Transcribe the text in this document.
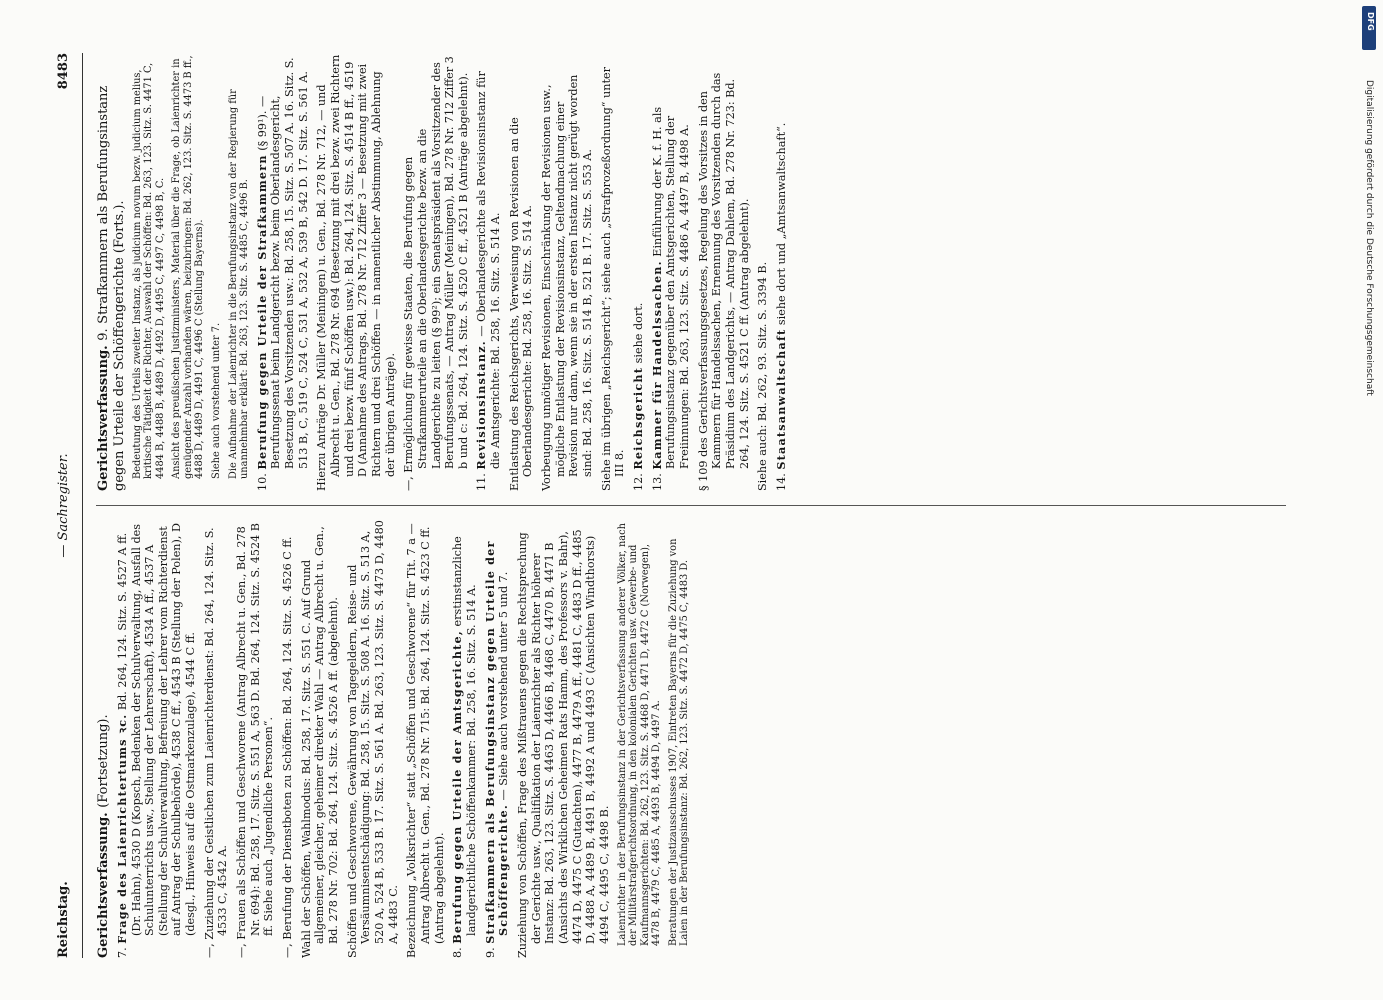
Reichstag.
— Sachregister.
8483
Gerichtsverfassung. (Fortsetzung).
7. Frage des Laienrichtertums ꝛc. Bd. 264, 124. Sitz. S. 4527 A ff. (Dr. Hahn), 4530 D (Kopsch, Bedenken der Schulverwaltung, Ausfall des Schulunterrichts usw., Stellung der Lehrerschaft), 4534 A ff., 4537 A (Stellung der Schulverwaltung, Befreiung der Lehrer vom Richterdienst auf Antrag der Schulbehörde), 4538 C ff., 4543 B (Stellung der Polen), D (desgl., Hinweis auf die Ostmarkenzulage), 4544 C ff.
—, Zuziehung der Geistlichen zum Laienrichterdienst: Bd. 264, 124. Sitz. S. 4533 C, 4542 A.
—, Frauen als Schöffen und Geschworene (Antrag Albrecht u. Gen., Bd. 278 Nr. 694): Bd. 258, 17. Sitz. S. 551 A, 563 D. Bd. 264, 124. Sitz. S. 4524 B ff. Siehe auch „Jugendliche Personen“.
—, Berufung der Dienstboten zu Schöffen: Bd. 264, 124. Sitz. S. 4526 C ff. Wahl der Schöffen, Wahlmodus: Bd. 258, 17. Sitz. S. 551 C. Auf Grund allgemeiner, gleicher, geheimer direkter Wahl — Antrag Albrecht u. Gen., Bd. 278 Nr. 702: Bd. 264, 124. Sitz. S. 4526 A ff. (abgelehnt). Schöffen und Geschworene, Gewährung von Tagegeldern, Reise- und Versäumnisentschädigung: Bd. 258, 15. Sitz. S. 508 A. 16. Sitz. S. 513 A, 520 A, 524 B, 533 B. 17. Sitz. S. 561 A. Bd. 263, 123. Sitz. S. 4473 D, 4480 A, 4483 C. Bezeichnung „Volksrichter“ statt „Schöffen und Geschworene“ für Tit. 7 a — Antrag Albrecht u. Gen., Bd. 278 Nr. 715: Bd. 264, 124. Sitz. S. 4523 C ff. (Antrag abgelehnt).
8. Berufung gegen Urteile der Amtsgerichte, erstinstanzliche landgerichtliche Schöffenkammer: Bd. 258, 16. Sitz. S. 514 A.
9. Strafkammern als Berufungsinstanz gegen Urteile der Schöffengerichte. — Siehe auch vorstehend unter 5 und 7. Zuziehung von Schöffen, Frage des Mißtrauens gegen die Rechtsprechung der Gerichte usw., Qualifikation der Laienrichter als Richter höherer Instanz: Bd. 263, 123. Sitz. S. 4463 D, 4466 B, 4468 C, 4470 B, 4471 B (Ansichts des Wirklichen Geheimen Rats Hamm, des Professors v. Bahr), 4474 D, 4475 C (Gutachten), 4477 B, 4479 A ff., 4481 C, 4483 D ff., 4485 D, 4488 A, 4489 B, 4491 B, 4492 A und 4493 C (Ansichten Windthorsts) 4494 C, 4495 C, 4498 B. Laienrichter in der Berufungsinstanz in der Gerichtsverfassung anderer Völker, nach der Militärstrafgerichtsordnung, in den kolonialen Gerichten usw. Gewerbe- und Kaufmannsgerichten: Bd. 262, 123. Sitz. S. 4468 D, 4471 D, 4472 C (Norwegen), 4478 B, 4479 C, 4485 A, 4493 B, 4494 D, 4497 A. Beratungen der Justizausschusses 1907, Eintreten Bayerns für die Zuziehung von Laien in der Berufungsinstanz: Bd. 262, 123. Sitz. S. 4472 D, 4475 C, 4483 D.
Gerichtsverfassung. 9. Strafkammern als Berufungsinstanz gegen Urteile der Schöffengerichte (Forts.). Bedeutung des Urteils zweiter Instanz, als judicium novum bezw. judicium melius, kritische Tätigkeit der Richter, Auswahl der Schöffen: Bd. 263, 123. Sitz. S. 4471 C, 4484 B, 4488 B, 4489 D, 4492 D, 4495 C, 4497 C, 4498 B, C. Ansicht des preußischen Justizministers, Material über die Frage, ob Laienrichter in genügender Anzahl vorhanden wären, beizubringen: Bd. 262, 123. Sitz. S. 4473 B ff., 4488 D, 4489 D, 4491 C, 4496 C (Stellung Bayerns). Siehe auch vorstehend unter 7. Die Aufnahme der Laienrichter in die Berufungsinstanz von der Regierung für unannehmbar erklärt: Bd. 263, 123. Sitz. S. 4485 C, 4496 B.
10. Berufung gegen Urteile der Strafkammern (§ 99¹). — Berufungssenat beim Landgericht bezw. beim Oberlandesgericht, Besetzung des Vorsitzenden usw.: Bd. 258, 15. Sitz. S. 507 A. 16. Sitz. S. 513 B, C, 519 C, 524 C, 531 A, 532 A, 539 B, 542 D. 17. Sitz. S. 561 A. Hierzu Anträge Dr. Müller (Meiningen) u. Gen., Bd. 278 Nr. 712, — und Albrecht u. Gen., Bd. 278 Nr. 694 (Besetzung mit drei bezw. zwei Richtern und drei bezw. fünf Schöffen usw.): Bd. 264, 124. Sitz. S. 4514 B ff., 4519 D (Annahme des Antrags, Bd. 278 Nr. 712 Ziffer 3 — Besetzung mit zwei Richtern und drei Schöffen — in namentlicher Abstimmung, Ablehnung der übrigen Anträge).
—, Ermöglichung für gewisse Staaten, die Berufung gegen Strafkammerurteile an die Oberlandesgerichte bezw. an die Landgerichte zu leiten (§ 99²); ein Senatspräsident als Vorsitzender des Berufungssenats, — Antrag Müller (Meiningen), Bd. 278 Nr. 712 Ziffer 3 b und c: Bd. 264, 124. Sitz. S. 4520 C ff., 4521 B (Anträge abgelehnt).
11. Revisionsinstanz. — Oberlandesgerichte als Revisionsinstanz für die Amtsgerichte: Bd. 258, 16. Sitz. S. 514 A. Entlastung des Reichsgerichts, Verweisung von Revisionen an die Oberlandesgerichte: Bd. 258, 16. Sitz. S. 514 A. Vorbeugung unnötiger Revisionen, Einschränkung der Revisionen usw., mögliche Entlastung der Revisionsinstanz, Geltendmachung einer Revision nur dann, wenn sie in der ersten Instanz nicht gerügt worden sind: Bd. 258, 16. Sitz. S. 514 B, 521 B. 17. Sitz. S. 553 A. Siehe im übrigen „Reichsgericht“; siehe auch „Strafprozeßordnung“ unter III 8.
12. Reichsgericht siehe dort.
13. Kammer für Handelssachen. Einführung der K. f. H. als Berufungsinstanz gegenüber den Amtsgerichten, Stellung der Freiinnungen: Bd. 263, 123. Sitz. S. 4486 A, 4497 B, 4498 A.
§ 109 des Gerichtsverfassungsgesetzes, Regelung des Vorsitzes in den Kammern für Handelssachen, Ernennung des Vorsitzenden durch das Präsidium des Landgerichts, — Antrag Dahlem, Bd. 278 Nr. 723: Bd. 264, 124. Sitz. S. 4521 C ff. (Antrag abgelehnt). Siehe auch: Bd. 262, 93. Sitz. S. 3394 B. 14. Staatsanwaltschaft siehe dort und „Amtsanwaltschaft“.
DFG
Digitalisierung gefördert durch die Deutsche Forschungsgemeinschaft
